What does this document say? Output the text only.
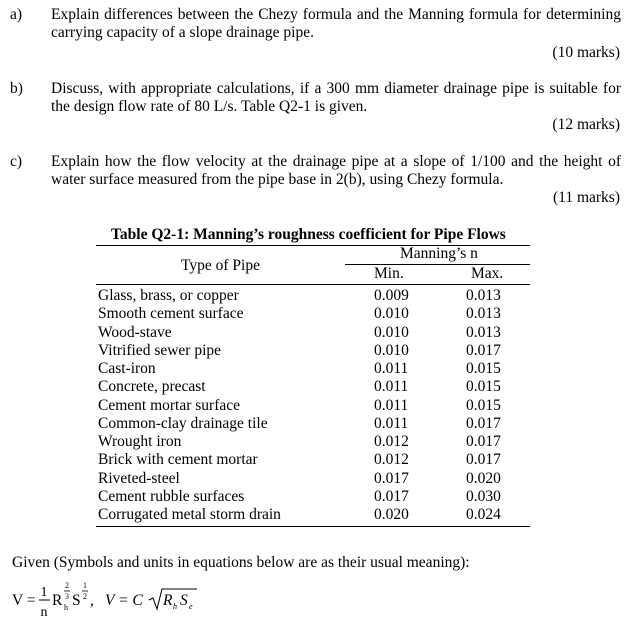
a) Explain differences between the Chezy formula and the Manning formula for determining carrying capacity of a slope drainage pipe.
(10 marks)
b) Discuss, with appropriate calculations, if a 300 mm diameter drainage pipe is suitable for the design flow rate of 80 L/s. Table Q2-1 is given.
(12 marks)
c) Explain how the flow velocity at the drainage pipe at a slope of 1/100 and the height of water surface measured from the pipe base in 2(b), using Chezy formula.
(11 marks)
Table Q2-1: Manning’s roughness coefficient for Pipe Flows
Type of Pipe
Manning’s n
Min.	Max.
Glass, brass, or copper	0.009	0.013
Smooth cement surface	0.010	0.013
Wood-stave	0.010	0.013
Vitrified sewer pipe	0.010	0.017
Cast-iron	0.011	0.015
Concrete, precast	0.011	0.015
Cement mortar surface	0.011	0.015
Common-clay drainage tile	0.011	0.017
Wrought iron	0.012	0.017
Brick with cement mortar	0.012	0.017
Riveted-steel	0.017	0.020
Cement rubble surfaces	0.017	0.030
Corrugated metal storm drain	0.020	0.024
Given (Symbols and units in equations below are as their usual meaning):
V = 1
n
R h
2
3 S
1
2 , V = C R h S e
